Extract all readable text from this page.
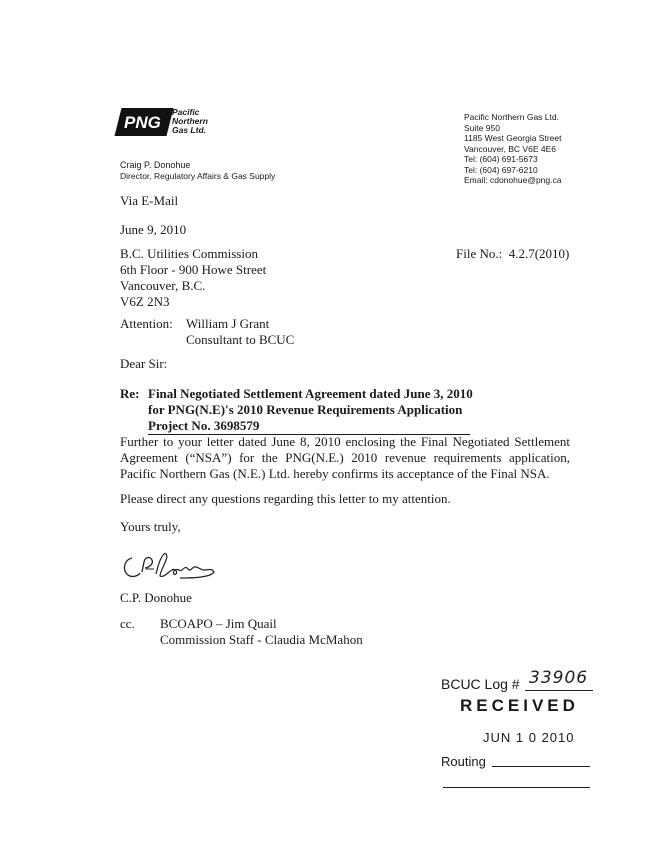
PNG
Pacific
Northern
Gas Ltd.
Craig P. Donohue
Director, Regulatory Affairs & Gas Supply
Pacific Northern Gas Ltd.
Suite 950
1185 West Georgia Street
Vancouver, BC V6E 4E6
Tel: (604) 691-5673
Tel: (604) 697-6210
Email: cdonohue@png.ca
Via E-Mail
June 9, 2010
B.C. Utilities Commission
6th Floor - 900 Howe Street
Vancouver, B.C.
V6Z 2N3
File No.:  4.2.7(2010)
Attention: William J Grant
Consultant to BCUC
Dear Sir:
Re: Final Negotiated Settlement Agreement dated June 3, 2010
for PNG(N.E)'s 2010 Revenue Requirements Application
Project No. 3698579
Further to your letter dated June 8, 2010 enclosing the Final Negotiated Settlement Agreement (“NSA”) for the PNG(N.E.) 2010 revenue requirements application, Pacific Northern Gas (N.E.) Ltd. hereby confirms its acceptance of the Final NSA.
Please direct any questions regarding this letter to my attention.
Yours truly,
C.P. Donohue
cc. BCOAPO – Jim Quail
Commission Staff - Claudia McMahon
BCUC Log # 33906
RECEIVED
JUN 1 0 2010
Routing
